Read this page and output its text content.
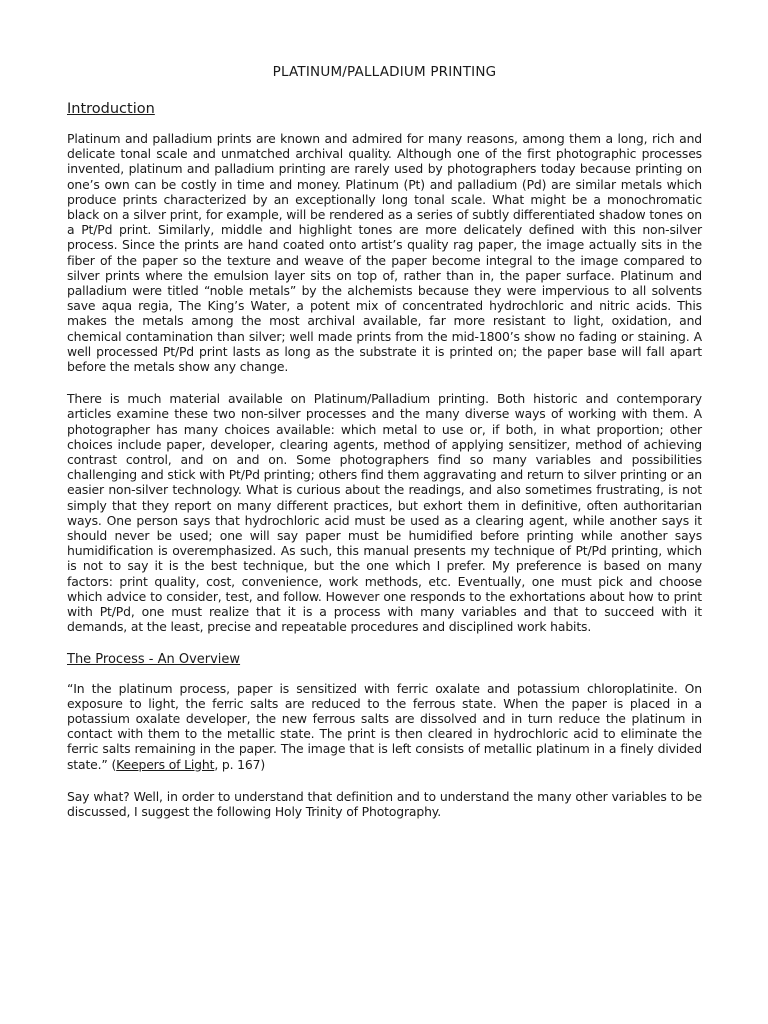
PLATINUM/PALLADIUM PRINTING
Introduction

Platinum and palladium prints are known and admired for many reasons, among them a long, rich and delicate tonal scale and unmatched archival quality. Although one of the first photographic processes invented, platinum and palladium printing are rarely used by photographers today because printing on one’s own can be costly in time and money. Platinum (Pt) and palladium (Pd) are similar metals which produce prints characterized by an exceptionally long tonal scale. What might be a monochromatic black on a silver print, for example, will be rendered as a series of subtly differentiated shadow tones on a Pt/Pd print. Similarly, middle and highlight tones are more delicately defined with this non-silver process. Since the prints are hand coated onto artist’s quality rag paper, the image actually sits in the fiber of the paper so the texture and weave of the paper become integral to the image compared to silver prints where the emulsion layer sits on top of, rather than in, the paper surface. Platinum and palladium were titled “noble metals” by the alchemists because they were impervious to all solvents save aqua regia, The King’s Water, a potent mix of concentrated hydrochloric and nitric acids. This makes the metals among the most archival available, far more resistant to light, oxidation, and chemical contamination than silver; well made prints from the mid-1800’s show no fading or staining. A well processed Pt/Pd print lasts as long as the substrate it is printed on; the paper base will fall apart before the metals show any change.

There is much material available on Platinum/Palladium printing. Both historic and contemporary articles examine these two non-silver processes and the many diverse ways of working with them. A photographer has many choices available: which metal to use or, if both, in what proportion; other choices include paper, developer, clearing agents, method of applying sensitizer, method of achieving contrast control, and on and on. Some photographers find so many variables and possibilities challenging and stick with Pt/Pd printing; others find them aggravating and return to silver printing or an easier non-silver technology. What is curious about the readings, and also sometimes frustrating, is not simply that they report on many different practices, but exhort them in definitive, often authoritarian ways. One person says that hydrochloric acid must be used as a clearing agent, while another says it should never be used; one will say paper must be humidified before printing while another says humidification is overemphasized. As such, this manual presents my technique of Pt/Pd printing, which is not to say it is the best technique, but the one which I prefer. My preference is based on many factors: print quality, cost, convenience, work methods, etc. Eventually, one must pick and choose which advice to consider, test, and follow. However one responds to the exhortations about how to print with Pt/Pd, one must realize that it is a process with many variables and that to succeed with it demands, at the least, precise and repeatable procedures and disciplined work habits.

The Process - An Overview

“In the platinum process, paper is sensitized with ferric oxalate and potassium chloroplatinite. On exposure to light, the ferric salts are reduced to the ferrous state. When the paper is placed in a potassium oxalate developer, the new ferrous salts are dissolved and in turn reduce the platinum in contact with them to the metallic state. The print is then cleared in hydrochloric acid to eliminate the ferric salts remaining in the paper. The image that is left consists of metallic platinum in a finely divided state.” (Keepers of Light, p. 167)

Say what? Well, in order to understand that definition and to understand the many other variables to be discussed, I suggest the following Holy Trinity of Photography.
